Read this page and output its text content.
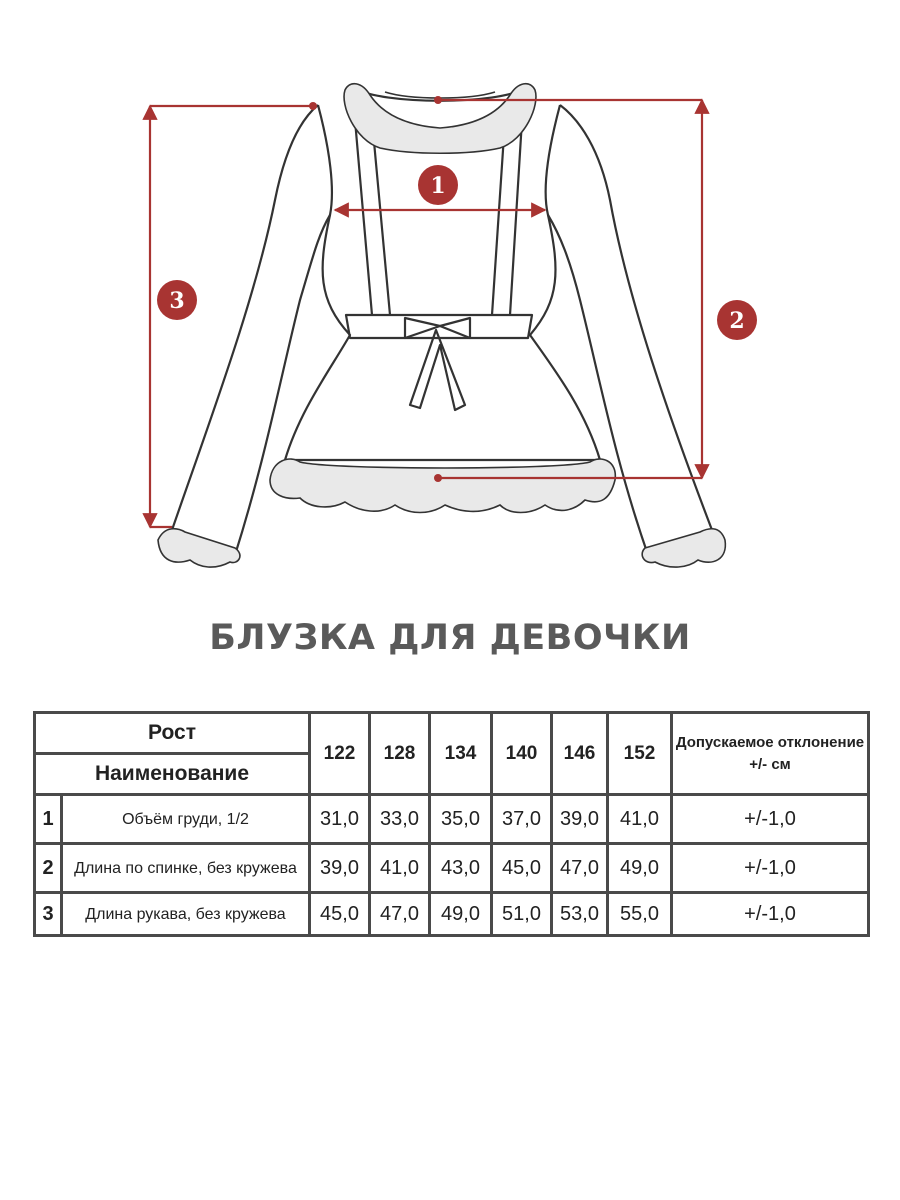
1
2
3
БЛУЗКА ДЛЯ ДЕВОЧКИ
Рост		122	128	134	140	146	152	Допускаемое отклонение +/- см
Наименование								
1	Объём груди, 1/2	31,0	33,0	35,0	37,0	39,0	41,0	+/-1,0
2	Длина по спинке, без кружева	39,0	41,0	43,0	45,0	47,0	49,0	+/-1,0
3	Длина рукава, без кружева	45,0	47,0	49,0	51,0	53,0	55,0	+/-1,0
